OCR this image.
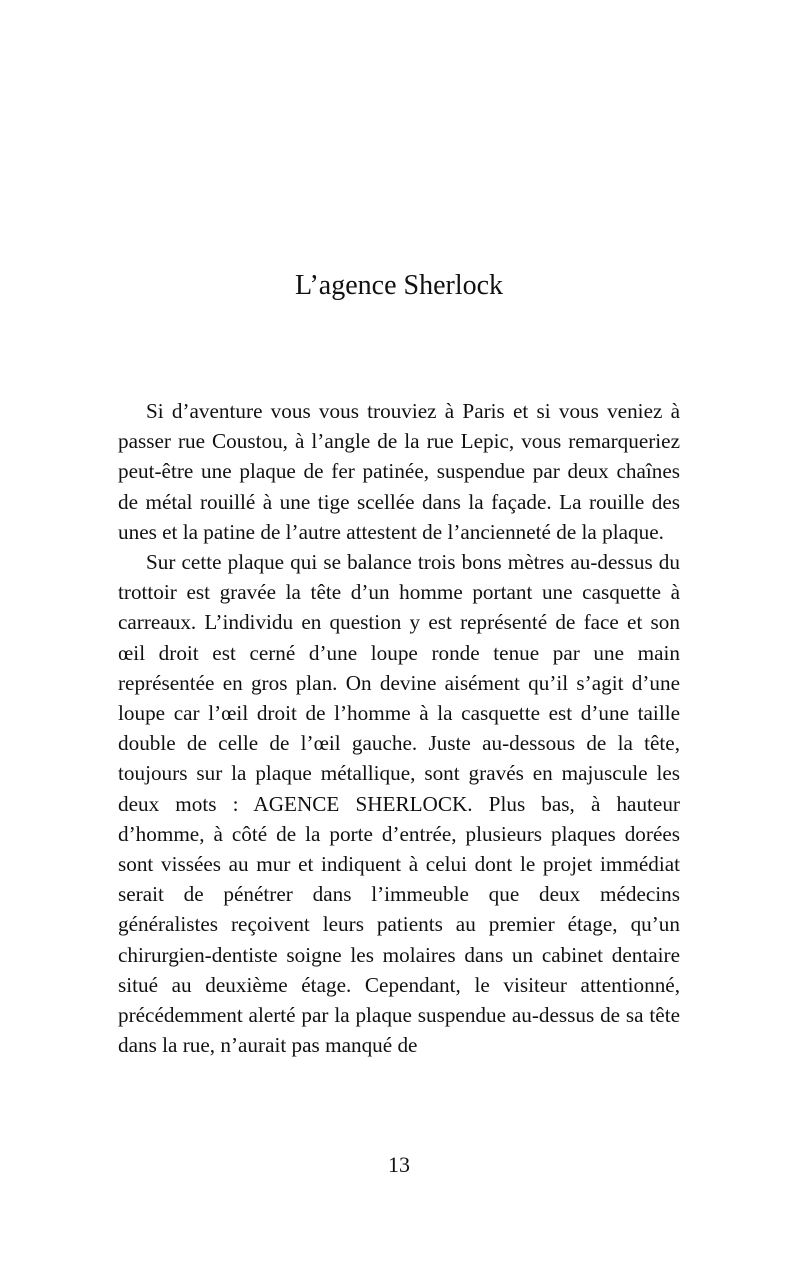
L’agence Sherlock

Si d’aventure vous vous trouviez à Paris et si vous veniez à passer rue Coustou, à l’angle de la rue Lepic, vous remarqueriez peut-être une plaque de fer patinée, suspendue par deux chaînes de métal rouillé à une tige scellée dans la façade. La rouille des unes et la patine de l’autre attestent de l’ancienneté de la plaque.

Sur cette plaque qui se balance trois bons mètres au-dessus du trottoir est gravée la tête d’un homme portant une casquette à carreaux. L’individu en question y est représenté de face et son œil droit est cerné d’une loupe ronde tenue par une main représentée en gros plan. On devine aisément qu’il s’agit d’une loupe car l’œil droit de l’homme à la casquette est d’une taille double de celle de l’œil gauche. Juste au-dessous de la tête, toujours sur la plaque métallique, sont gravés en majuscule les deux mots : AGENCE SHERLOCK. Plus bas, à hauteur d’homme, à côté de la porte d’entrée, plusieurs plaques dorées sont vissées au mur et indiquent à celui dont le projet immédiat serait de pénétrer dans l’immeuble que deux médecins généralistes reçoivent leurs patients au premier étage, qu’un chirurgien-dentiste soigne les molaires dans un cabinet dentaire situé au deuxième étage. Cependant, le visiteur attentionné, précédemment alerté par la plaque suspendue au-dessus de sa tête dans la rue, n’aurait pas manqué de

13
